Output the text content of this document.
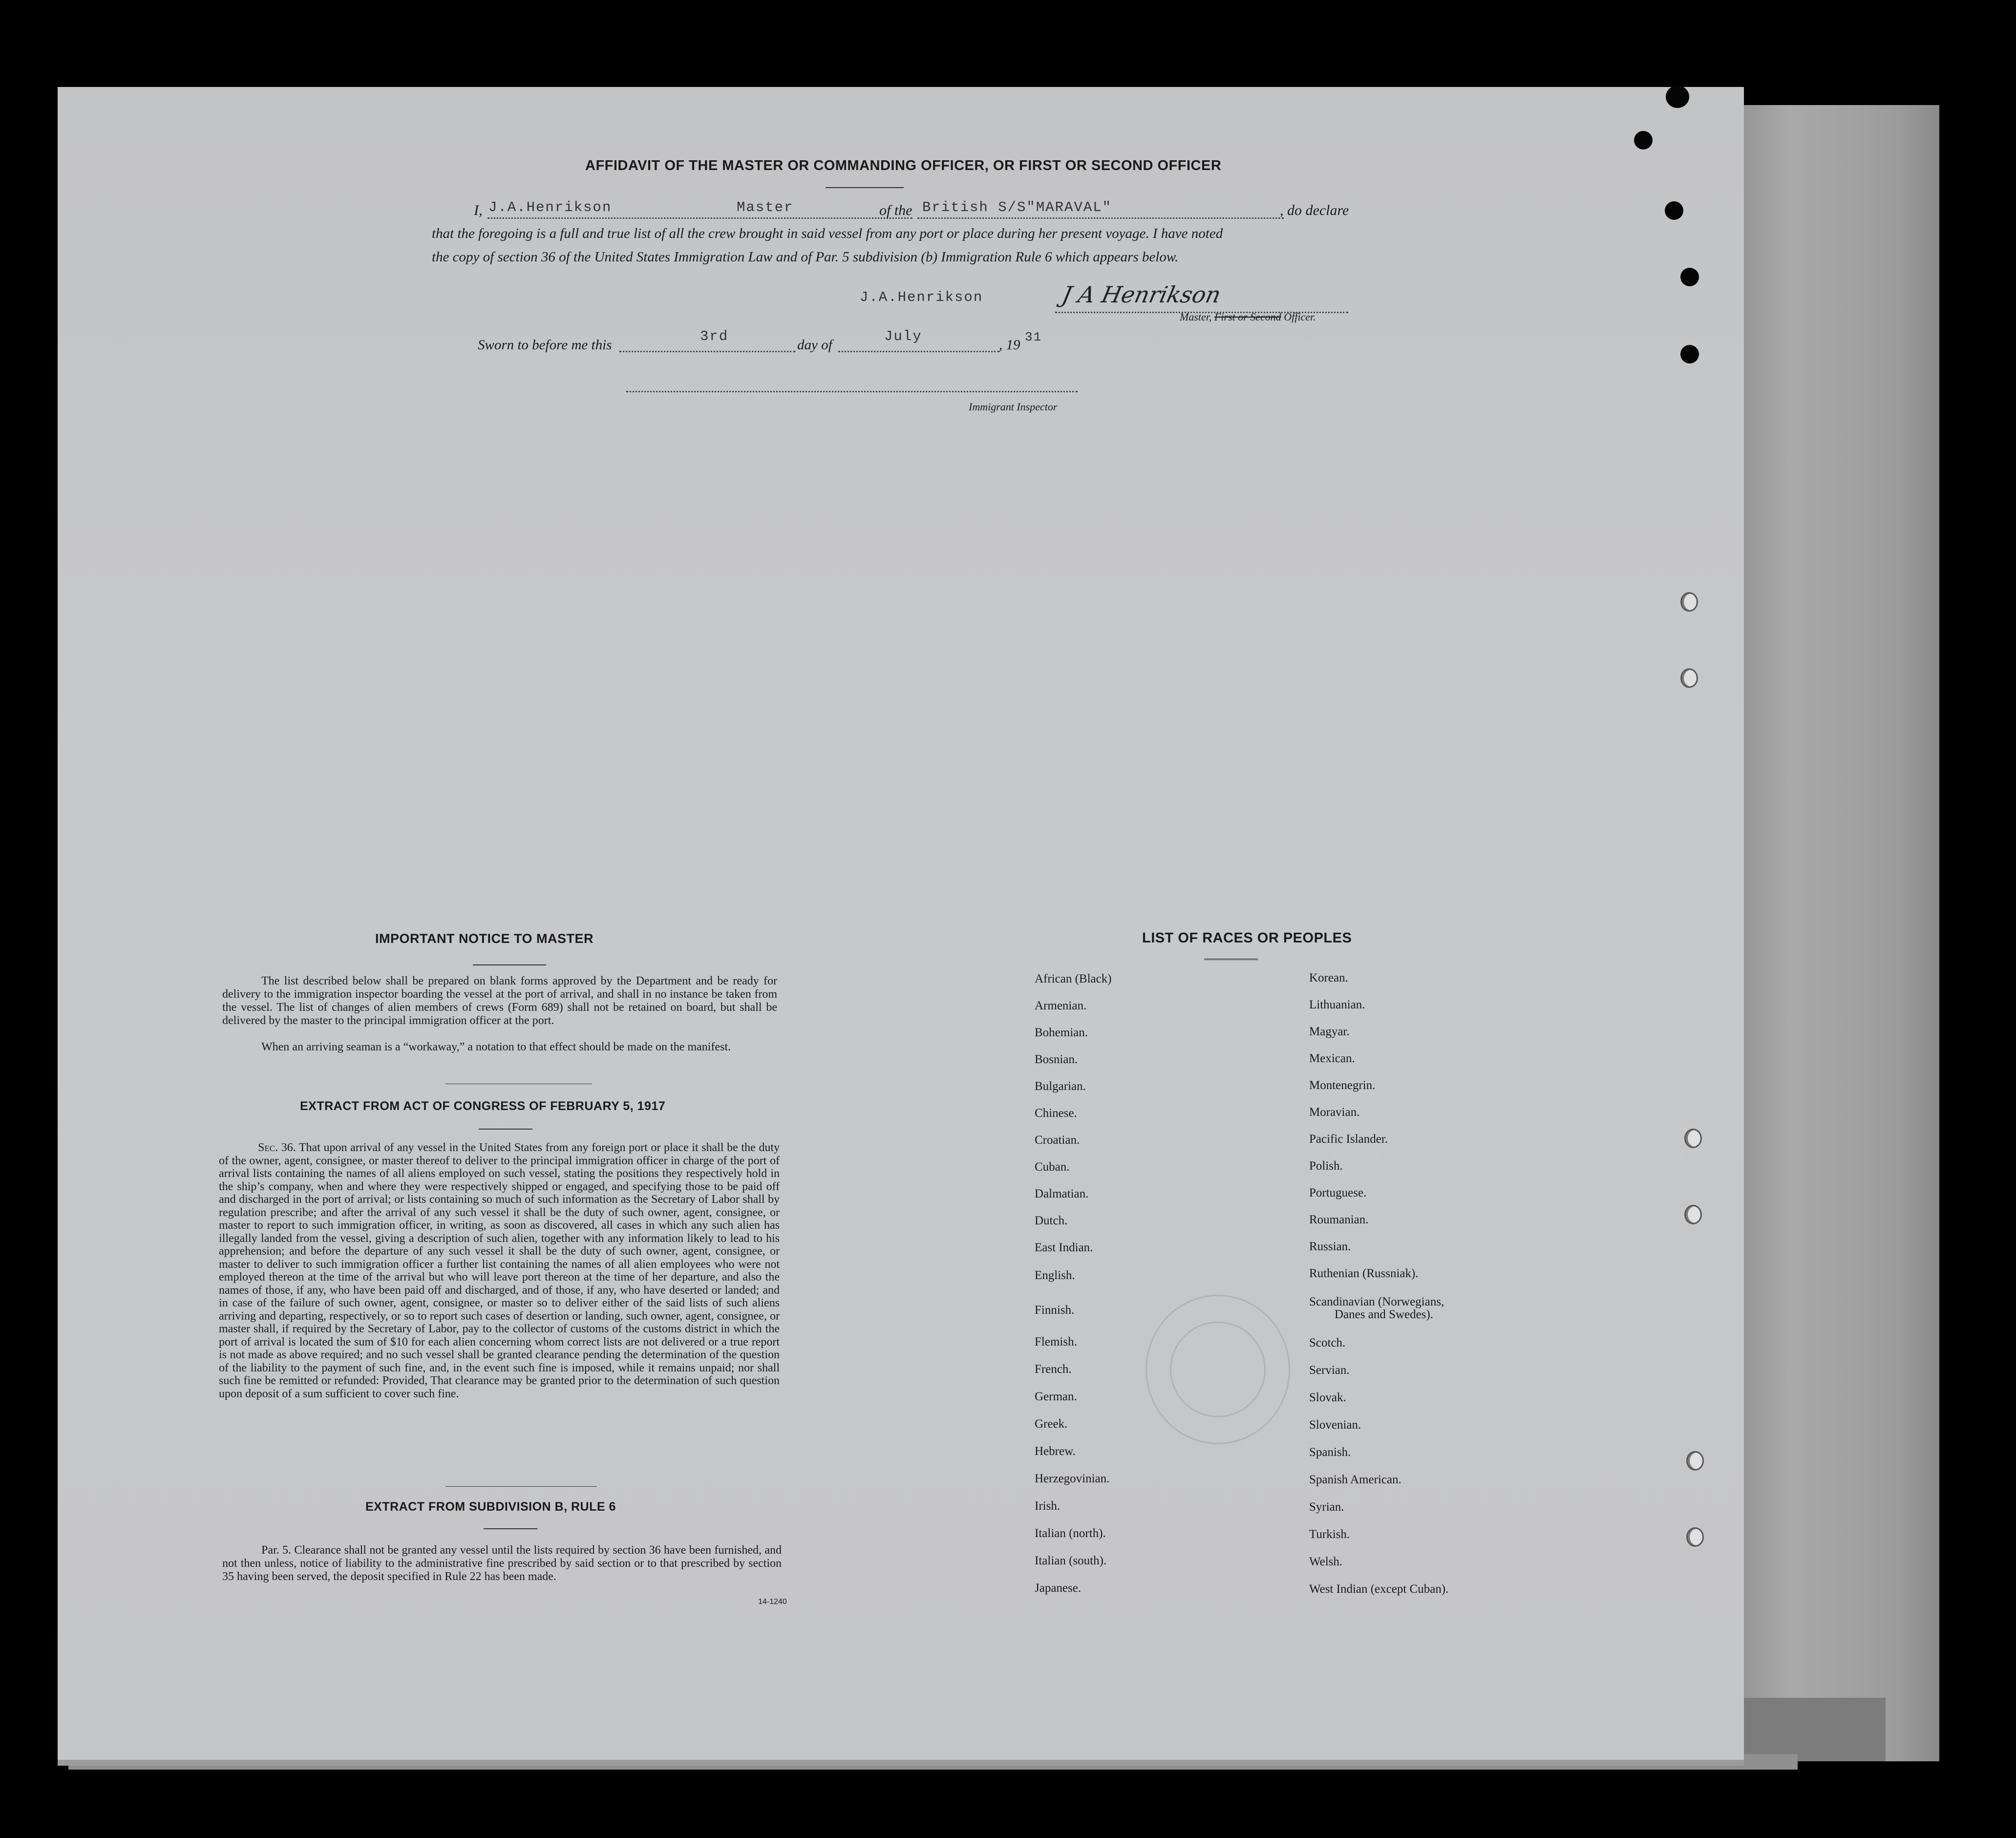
AFFIDAVIT OF THE MASTER OR COMMANDING OFFICER, OR FIRST OR SECOND OFFICER
I, J.A.Henrikson	Master	of the British S/S"MARAVAL"	, do declare
that the foregoing is a full and true list of all the crew brought in said vessel from any port or place during her present voyage. I have noted
the copy of section 36 of the United States Immigration Law and of Par. 5 subdivision (b) Immigration Rule 6 which appears below.
J.A.Henrikson	J A Henrikson
Master, First or Second Officer.
Sworn to before me this
3rd
day of
July
, 19 31
Immigrant Inspector
IMPORTANT NOTICE TO MASTER
The list described below shall be prepared on blank forms approved by the Department and be ready for delivery to the immigration inspector boarding the vessel at the port of arrival, and shall in no instance be taken from the vessel. The list of changes of alien members of crews (Form 689) shall not be retained on board, but shall be delivered by the master to the principal immigration officer at the port.
When an arriving seaman is a “workaway,” a notation to that effect should be made on the manifest.
EXTRACT FROM ACT OF CONGRESS OF FEBRUARY 5, 1917
Sec. 36. That upon arrival of any vessel in the United States from any foreign port or place it shall be the duty of the owner, agent, consignee, or master thereof to deliver to the principal immigration officer in charge of the port of arrival lists containing the names of all aliens employed on such vessel, stating the positions they respectively hold in the ship’s company, when and where they were respectively shipped or engaged, and specifying those to be paid off and discharged in the port of arrival; or lists containing so much of such information as the Secretary of Labor shall by regulation prescribe; and after the arrival of any such vessel it shall be the duty of such owner, agent, consignee, or master to report to such immigration officer, in writing, as soon as discovered, all cases in which any such alien has illegally landed from the vessel, giving a description of such alien, together with any information likely to lead to his apprehension; and before the departure of any such vessel it shall be the duty of such owner, agent, consignee, or master to deliver to such immigration officer a further list containing the names of all alien employees who were not employed thereon at the time of the arrival but who will leave port thereon at the time of her departure, and also the names of those, if any, who have been paid off and discharged, and of those, if any, who have deserted or landed; and in case of the failure of such owner, agent, consignee, or master so to deliver either of the said lists of such aliens arriving and departing, respectively, or so to report such cases of desertion or landing, such owner, agent, consignee, or master shall, if required by the Secretary of Labor, pay to the collector of customs of the customs district in which the port of arrival is located the sum of $10 for each alien concerning whom correct lists are not delivered or a true report is not made as above required; and no such vessel shall be granted clearance pending the determination of the question of the liability to the payment of such fine, and, in the event such fine is imposed, while it remains unpaid; nor shall such fine be remitted or refunded: Provided, That clearance may be granted prior to the determination of such question upon deposit of a sum sufficient to cover such fine.
EXTRACT FROM SUBDIVISION B, RULE 6
Par. 5. Clearance shall not be granted any vessel until the lists required by section 36 have been furnished, and not then unless, notice of liability to the administrative fine prescribed by said section or to that prescribed by section 35 having been served, the deposit specified in Rule 22 has been made.
14-1240
LIST OF RACES OR PEOPLES
African (Black)
Armenian.
Bohemian.
Bosnian.
Bulgarian.
Chinese.
Croatian.
Cuban.
Dalmatian.
Dutch.
East Indian.
English.
Finnish.
Flemish.
French.
German.
Greek.
Hebrew.
Herzegovinian.
Irish.
Italian (north).
Italian (south).
Japanese.
Korean.
Lithuanian.
Magyar.
Mexican.
Montenegrin.
Moravian.
Pacific Islander.
Polish.
Portuguese.
Roumanian.
Russian.
Ruthenian (Russniak).
Scandinavian (Norwegians,
Danes and Swedes).
Scotch.
Servian.
Slovak.
Slovenian.
Spanish.
Spanish American.
Syrian.
Turkish.
Welsh.
West Indian (except Cuban).
